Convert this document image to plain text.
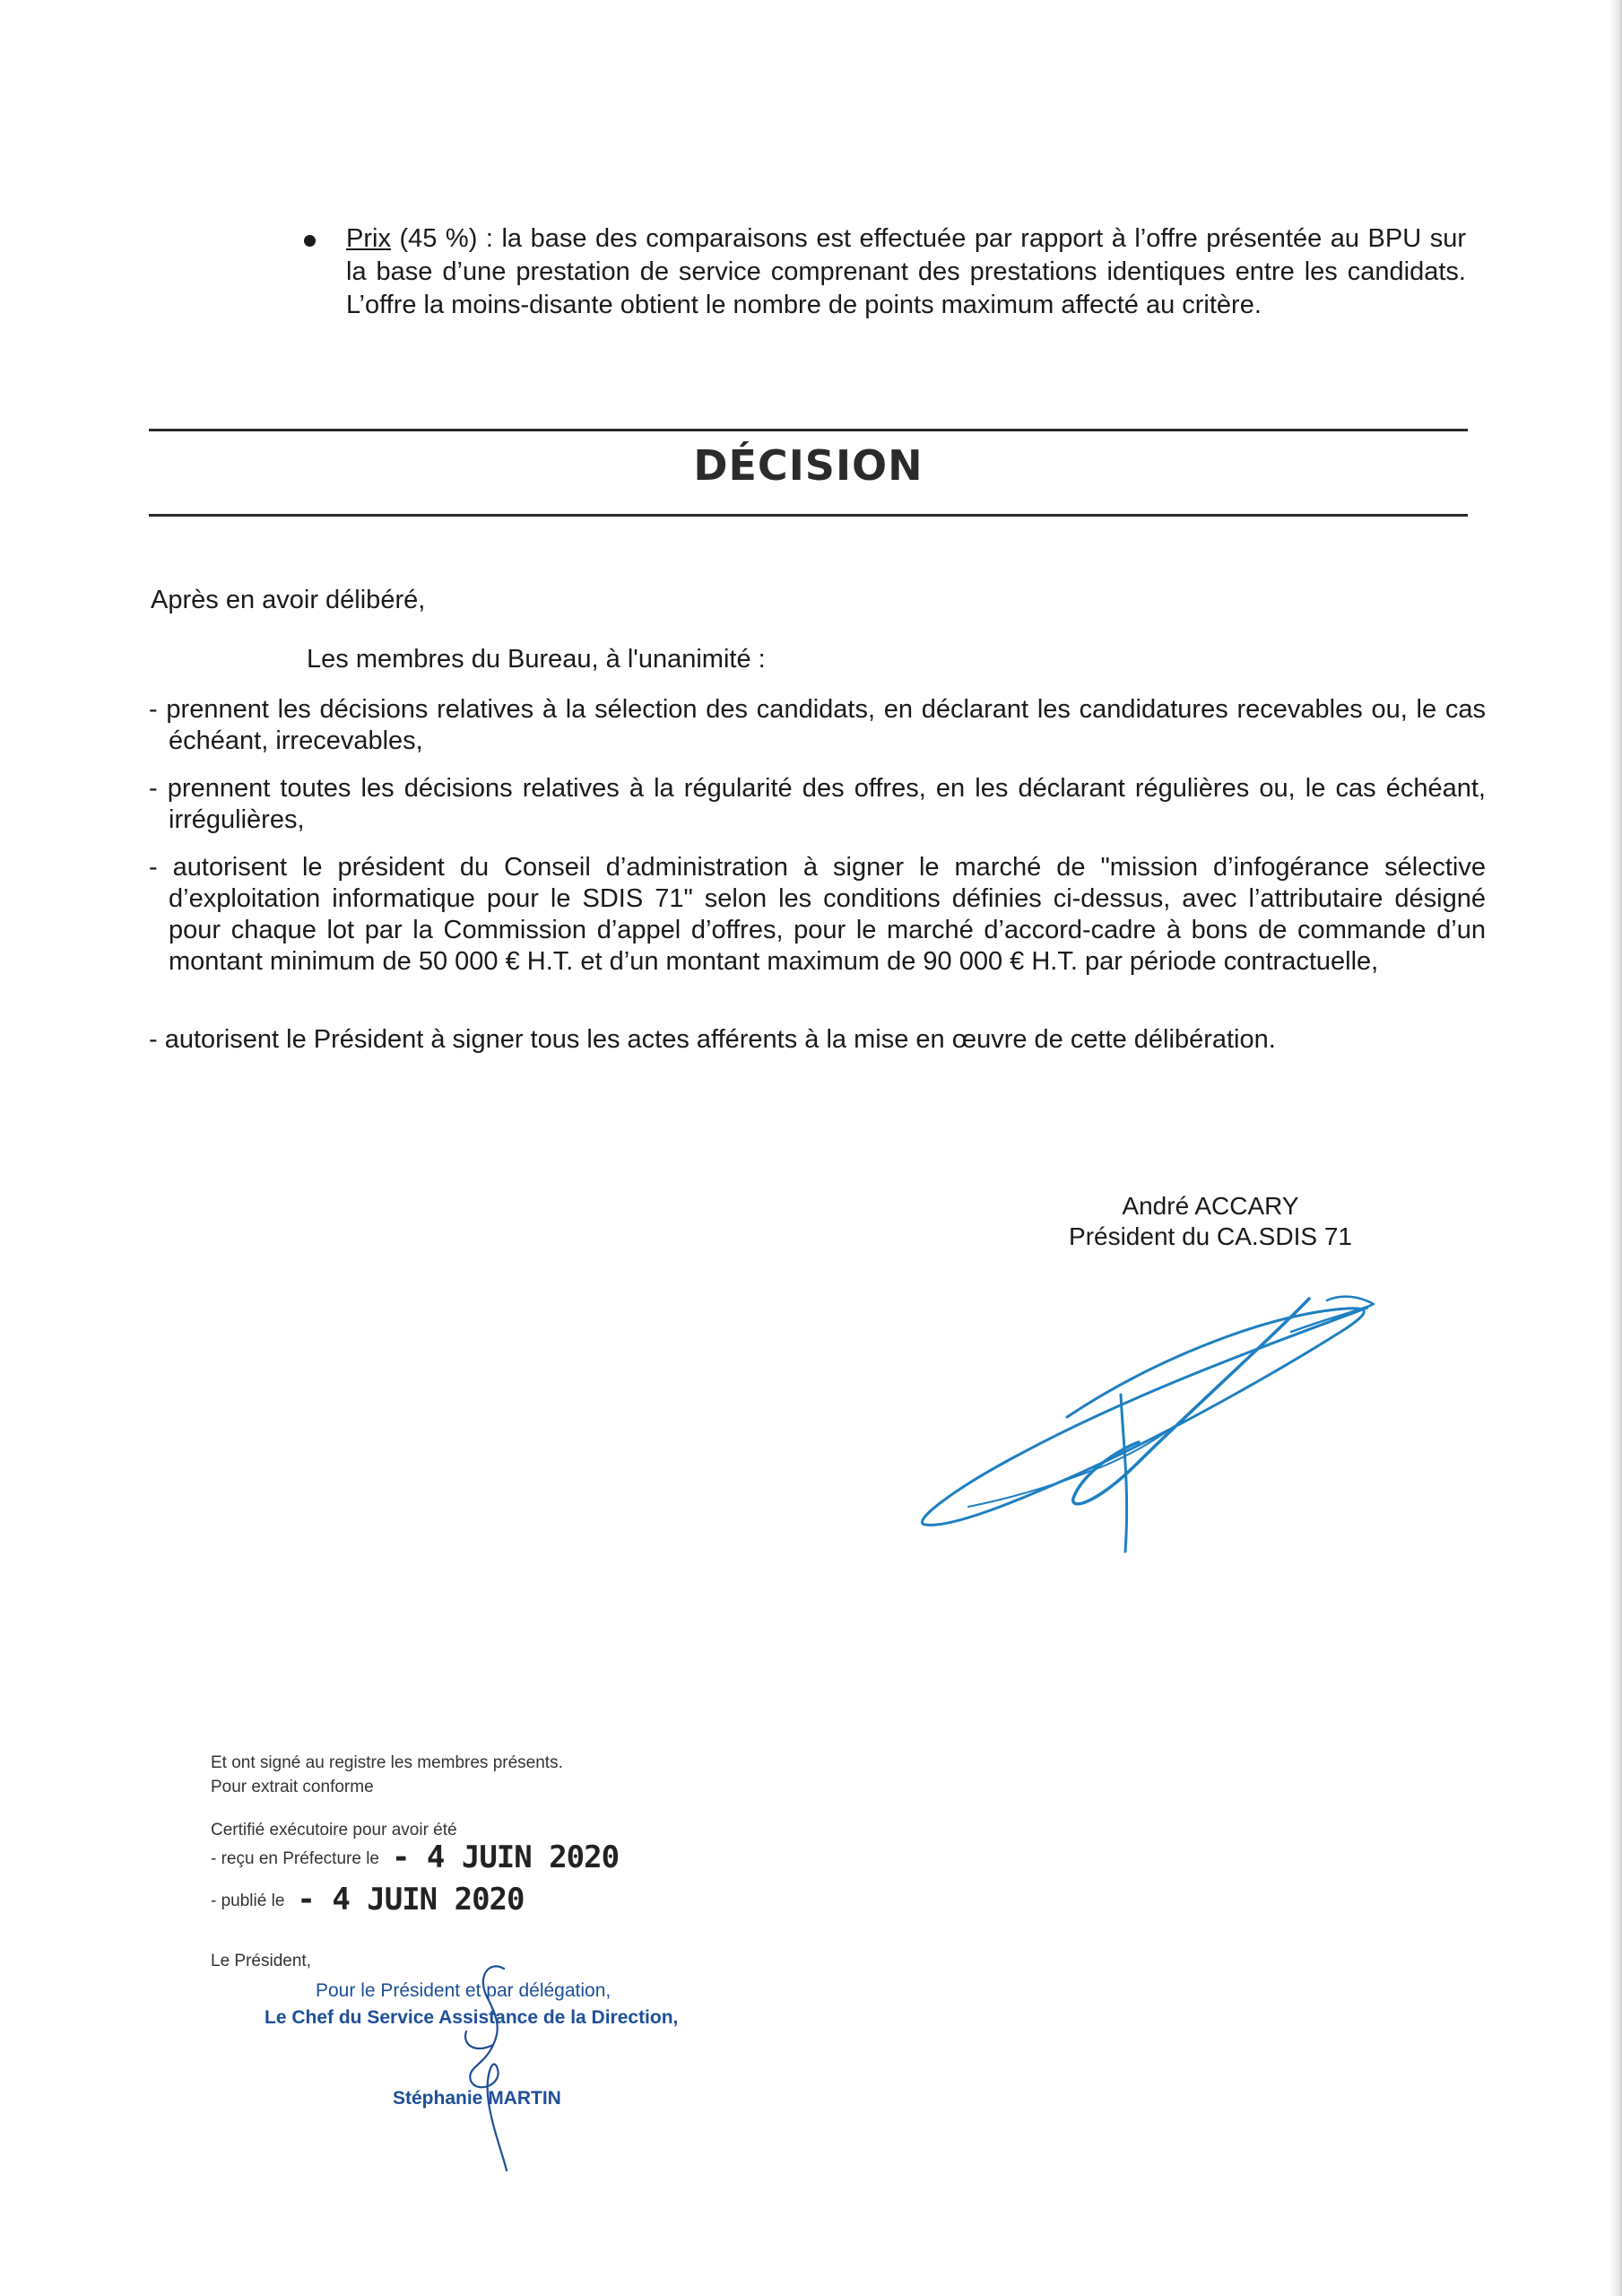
Prix (45 %) : la base des comparaisons est effectuée par rapport à l’offre présentée au BPU sur la base d’une prestation de service comprenant des prestations identiques entre les candidats. L’offre la moins-disante obtient le nombre de points maximum affecté au critère.
DÉCISION
Après en avoir délibéré,
Les membres du Bureau, à l'unanimité :
- prennent les décisions relatives à la sélection des candidats, en déclarant les candidatures recevables ou, le cas échéant, irrecevables,
- prennent toutes les décisions relatives à la régularité des offres, en les déclarant régulières ou, le cas échéant, irrégulières,
- autorisent le président du Conseil d’administration à signer le marché de "mission d’infogérance sélective d’exploitation informatique pour le SDIS 71" selon les conditions définies ci-dessus, avec l’attributaire désigné pour chaque lot par la Commission d’appel d’offres, pour le marché d’accord-cadre à bons de commande d’un montant minimum de 50 000 € H.T. et d’un montant maximum de 90 000 € H.T. par période contractuelle,
- autorisent le Président à signer tous les actes afférents à la mise en œuvre de cette délibération.
André ACCARY
Président du CA.SDIS 71
Et ont signé au registre les membres présents.
Pour extrait conforme
Certifié exécutoire pour avoir été
- reçu en Préfecture le - 4 JUIN 2020
- publié le - 4 JUIN 2020
Le Président,
Pour le Président et par délégation,
Le Chef du Service Assistance de la Direction,
Stéphanie MARTIN
